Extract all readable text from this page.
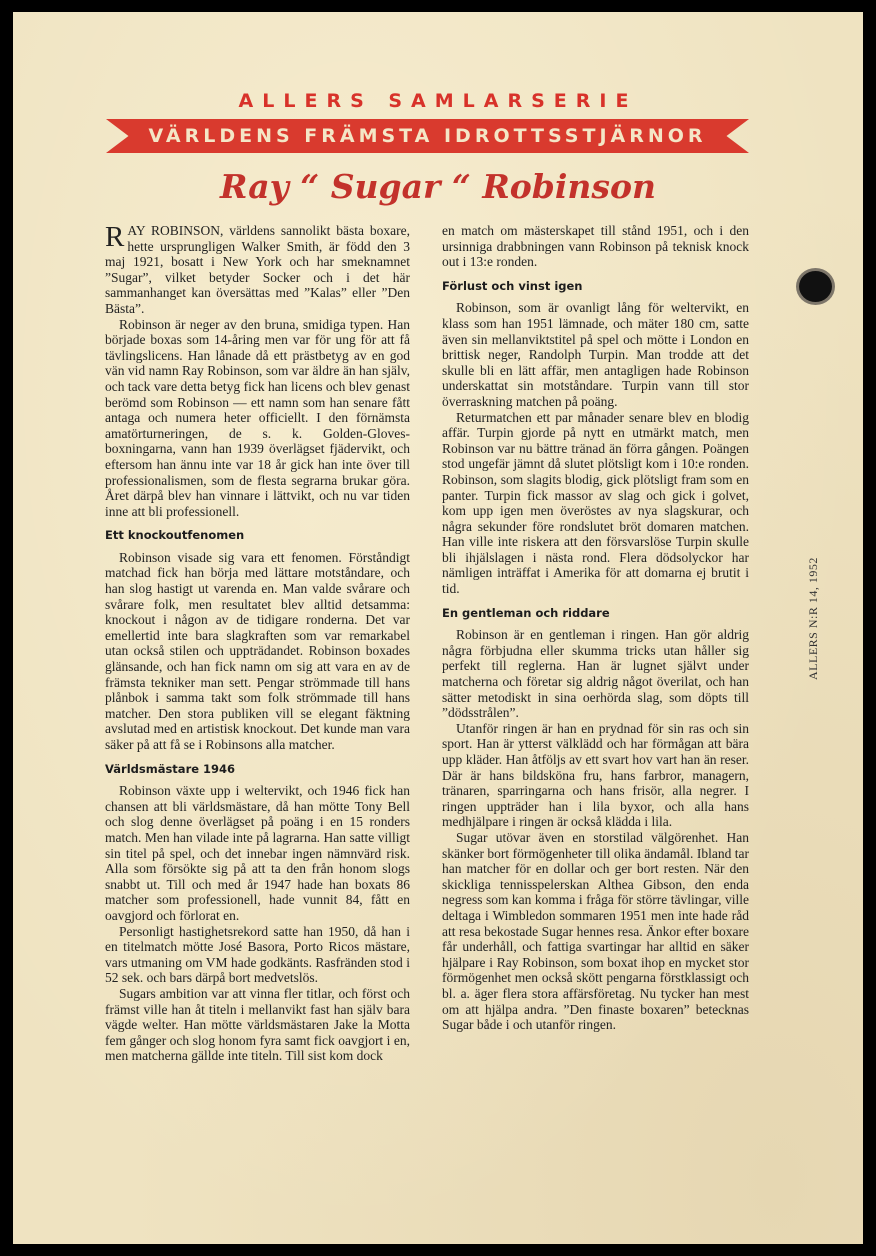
ALLERS SAMLARSERIE
VÄRLDENS FRÄMSTA IDROTTSSTJÄRNOR
Ray “ Sugar “ Robinson

RAY ROBINSON, världens sannolikt bästa boxare, hette ursprungligen Walker Smith, är född den 3 maj 1921, bosatt i New York och har smeknamnet ”Sugar”, vilket betyder Socker och i det här sammanhanget kan översättas med ”Kalas” eller ”Den Bästa”.

Robinson är neger av den bruna, smidiga typen. Han började boxas som 14-åring men var för ung för att få tävlingslicens. Han lånade då ett prästbetyg av en god vän vid namn Ray Robinson, som var äldre än han själv, och tack vare detta betyg fick han licens och blev genast berömd som Robinson — ett namn som han senare fått antaga och numera heter officiellt. I den förnämsta amatörturneringen, de s. k. Golden-Gloves-boxningarna, vann han 1939 överlägset fjädervikt, och eftersom han ännu inte var 18 år gick han inte över till professionalismen, som de flesta segrarna brukar göra. Året därpå blev han vinnare i lättvikt, och nu var tiden inne att bli professionell.

Ett knockoutfenomen

Robinson visade sig vara ett fenomen. Förståndigt matchad fick han börja med lättare motståndare, och han slog hastigt ut varenda en. Man valde svårare och svårare folk, men resultatet blev alltid detsamma: knockout i någon av de tidigare ronderna. Det var emellertid inte bara slagkraften som var remarkabel utan också stilen och uppträdandet. Robinson boxades glänsande, och han fick namn om sig att vara en av de främsta tekniker man sett. Pengar strömmade till hans plånbok i samma takt som folk strömmade till hans matcher. Den stora publiken vill se elegant fäktning avslutad med en artistisk knockout. Det kunde man vara säker på att få se i Robinsons alla matcher.

Världsmästare 1946

Robinson växte upp i weltervikt, och 1946 fick han chansen att bli världsmästare, då han mötte Tony Bell och slog denne överlägset på poäng i en 15 ronders match. Men han vilade inte på lagrarna. Han satte villigt sin titel på spel, och det innebar ingen nämnvärd risk. Alla som försökte sig på att ta den från honom slogs snabbt ut. Till och med år 1947 hade han boxats 86 matcher som professionell, hade vunnit 84, fått en oavgjord och förlorat en.

Personligt hastighetsrekord satte han 1950, då han i en titelmatch mötte José Basora, Porto Ricos mästare, vars utmaning om VM hade godkänts. Rasfränden stod i 52 sek. och bars därpå bort medvetslös.

Sugars ambition var att vinna fler titlar, och först och främst ville han åt titeln i mellanvikt fast han själv bara vägde welter. Han mötte världsmästaren Jake la Motta fem gånger och slog honom fyra samt fick oavgjort i en, men matcherna gällde inte titeln. Till sist kom dock

en match om mästerskapet till stånd 1951, och i den ursinniga drabbningen vann Robinson på teknisk knock out i 13:e ronden.

Förlust och vinst igen

Robinson, som är ovanligt lång för weltervikt, en klass som han 1951 lämnade, och mäter 180 cm, satte även sin mellanviktstitel på spel och mötte i London en brittisk neger, Randolph Turpin. Man trodde att det skulle bli en lätt affär, men antagligen hade Robinson underskattat sin motståndare. Turpin vann till stor överraskning matchen på poäng.

Returmatchen ett par månader senare blev en blodig affär. Turpin gjorde på nytt en utmärkt match, men Robinson var nu bättre tränad än förra gången. Poängen stod ungefär jämnt då slutet plötsligt kom i 10:e ronden. Robinson, som slagits blodig, gick plötsligt fram som en panter. Turpin fick massor av slag och gick i golvet, kom upp igen men överöstes av nya slagskurar, och några sekunder före rondslutet bröt domaren matchen. Han ville inte riskera att den försvarslöse Turpin skulle bli ihjälslagen i nästa rond. Flera dödsolyckor har nämligen inträffat i Amerika för att domarna ej brutit i tid.

En gentleman och riddare

Robinson är en gentleman i ringen. Han gör aldrig några förbjudna eller skumma tricks utan håller sig perfekt till reglerna. Han är lugnet självt under matcherna och företar sig aldrig något överilat, och han sätter metodiskt in sina oerhörda slag, som döpts till ”dödsstrålen”.

Utanför ringen är han en prydnad för sin ras och sin sport. Han är ytterst välklädd och har förmågan att bära upp kläder. Han åtföljs av ett svart hov vart han än reser. Där är hans bildsköna fru, hans farbror, managern, tränaren, sparringarna och hans frisör, alla negrer. I ringen uppträder han i lila byxor, och alla hans medhjälpare i ringen är också klädda i lila.

Sugar utövar även en storstilad välgörenhet. Han skänker bort förmögenheter till olika ändamål. Ibland tar han matcher för en dollar och ger bort resten. När den skickliga tennisspelerskan Althea Gibson, den enda negress som kan komma i fråga för större tävlingar, ville deltaga i Wimbledon sommaren 1951 men inte hade råd att resa bekostade Sugar hennes resa. Änkor efter boxare får underhåll, och fattiga svartingar har alltid en säker hjälpare i Ray Robinson, som boxat ihop en mycket stor förmögenhet men också skött pengarna förstklassigt och bl. a. äger flera stora affärsföretag. Nu tycker han mest om att hjälpa andra. ”Den finaste boxaren” betecknas Sugar både i och utanför ringen.

ALLERS N:R 14, 1952
